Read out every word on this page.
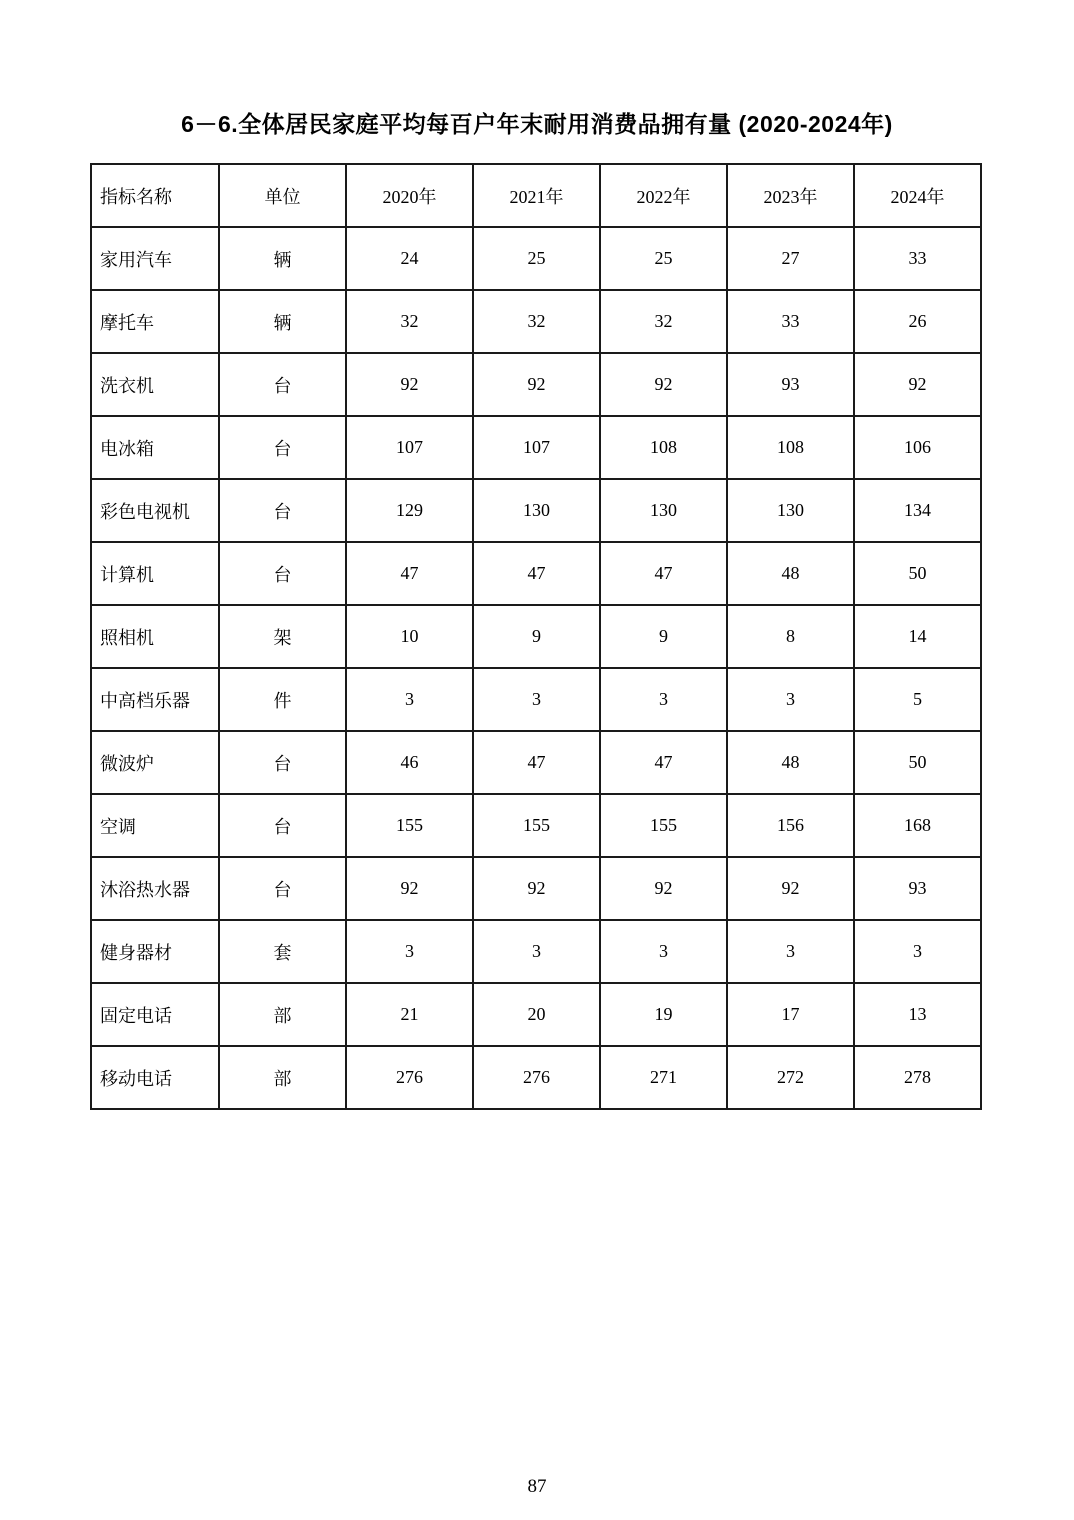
6－6.全体居民家庭平均每百户年末耐用消费品拥有量 (2020-2024年)
指标名称	单位	2020年	2021年	2022年	2023年	2024年
家用汽车	辆	24	25	25	27	33
摩托车	辆	32	32	32	33	26
洗衣机	台	92	92	92	93	92
电冰箱	台	107	107	108	108	106
彩色电视机	台	129	130	130	130	134
计算机	台	47	47	47	48	50
照相机	架	10	9	9	8	14
中高档乐器	件	3	3	3	3	5
微波炉	台	46	47	47	48	50
空调	台	155	155	155	156	168
沐浴热水器	台	92	92	92	92	93
健身器材	套	3	3	3	3	3
固定电话	部	21	20	19	17	13
移动电话	部	276	276	271	272	278
87
